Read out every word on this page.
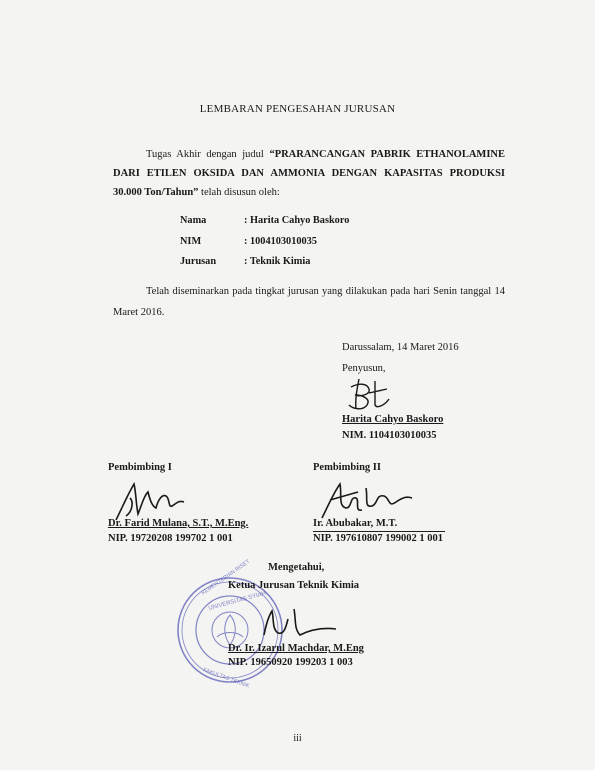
LEMBARAN PENGESAHAN JURUSAN
Tugas Akhir dengan judul “PRARANCANGAN PABRIK ETHANOLAMINE DARI ETILEN OKSIDA DAN AMMONIA DENGAN KAPASITAS PRODUKSI 30.000 Ton/Tahun” telah disusun oleh:
Nama	: Harita Cahyo Baskoro
NIM	: 1004103010035
Jurusan	: Teknik Kimia
Telah diseminarkan pada tingkat jurusan yang dilakukan pada hari Senin tanggal 14 Maret 2016.
Darussalam, 14 Maret 2016
Penyusun,
Harita Cahyo Baskoro
NIM. 1104103010035
Pembimbing I	Pembimbing II
Dr. Farid Mulana, S.T., M.Eng.
NIP. 19720208 199702 1 001
Ir. Abubakar, M.T.
NIP. 197610807 199002 1 001
Mengetahui,
KEMENTERIAN RISET
UNIVERSITAS SYIAH
FAKULTAS TEKNIK
Ketua Jurusan Teknik Kimia
Dr. Ir. Izarul Machdar, M.Eng
NIP. 19650920 199203 1 003
iii
